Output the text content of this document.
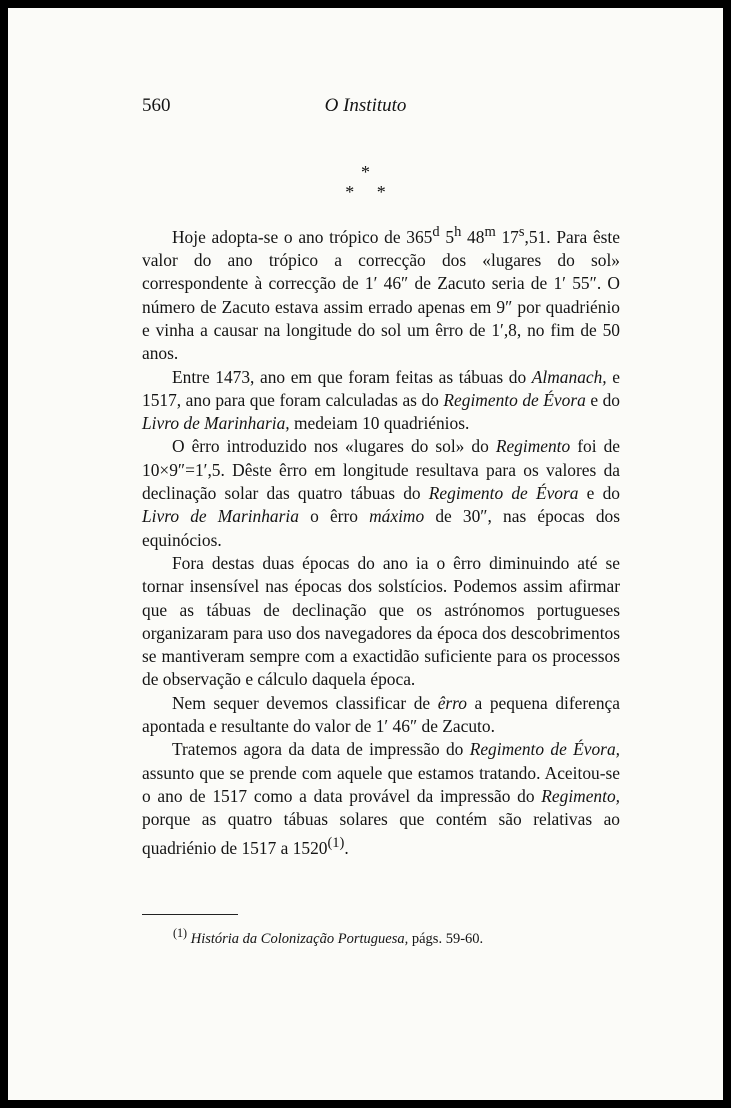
560	O Instituto
*
* *

Hoje adopta-se o ano trópico de 365$^d$ 5$^h$ 48$^m$ 17$^s$,51. Para êste valor do ano trópico a correcção dos «lugares do sol» correspondente à correcção de 1′ 46″ de Zacuto seria de 1′ 55″. O número de Zacuto estava assim errado apenas em 9″ por quadriénio e vinha a causar na longitude do sol um êrro de 1′,8, no fim de 50 anos.

Entre 1473, ano em que foram feitas as tábuas do Almanach, e 1517, ano para que foram calculadas as do Regimento de Évora e do Livro de Marinharia, medeiam 10 quadriénios.

O êrro introduzido nos «lugares do sol» do Regimento foi de 10×9″=1′,5. Dêste êrro em longitude resultava para os valores da declinação solar das quatro tábuas do Regimento de Évora e do Livro de Marinharia o êrro máximo de 30″, nas épocas dos equinócios.

Fora destas duas épocas do ano ia o êrro diminuindo até se tornar insensível nas épocas dos solstícios. Podemos assim afirmar que as tábuas de declinação que os astrónomos portugueses organizaram para uso dos navegadores da época dos descobrimentos se mantiveram sempre com a exactidão suficiente para os processos de observação e cálculo daquela época.

Nem sequer devemos classificar de êrro a pequena diferença apontada e resultante do valor de 1′ 46″ de Zacuto.

Tratemos agora da data de impressão do Regimento de Évora, assunto que se prende com aquele que estamos tratando. Aceitou-se o ano de 1517 como a data provável da impressão do Regimento, porque as quatro tábuas solares que contém são relativas ao quadriénio de 1517 a 1520$^{(1)}$.

$^{(1)}$ História da Colonização Portuguesa, págs. 59-60.
